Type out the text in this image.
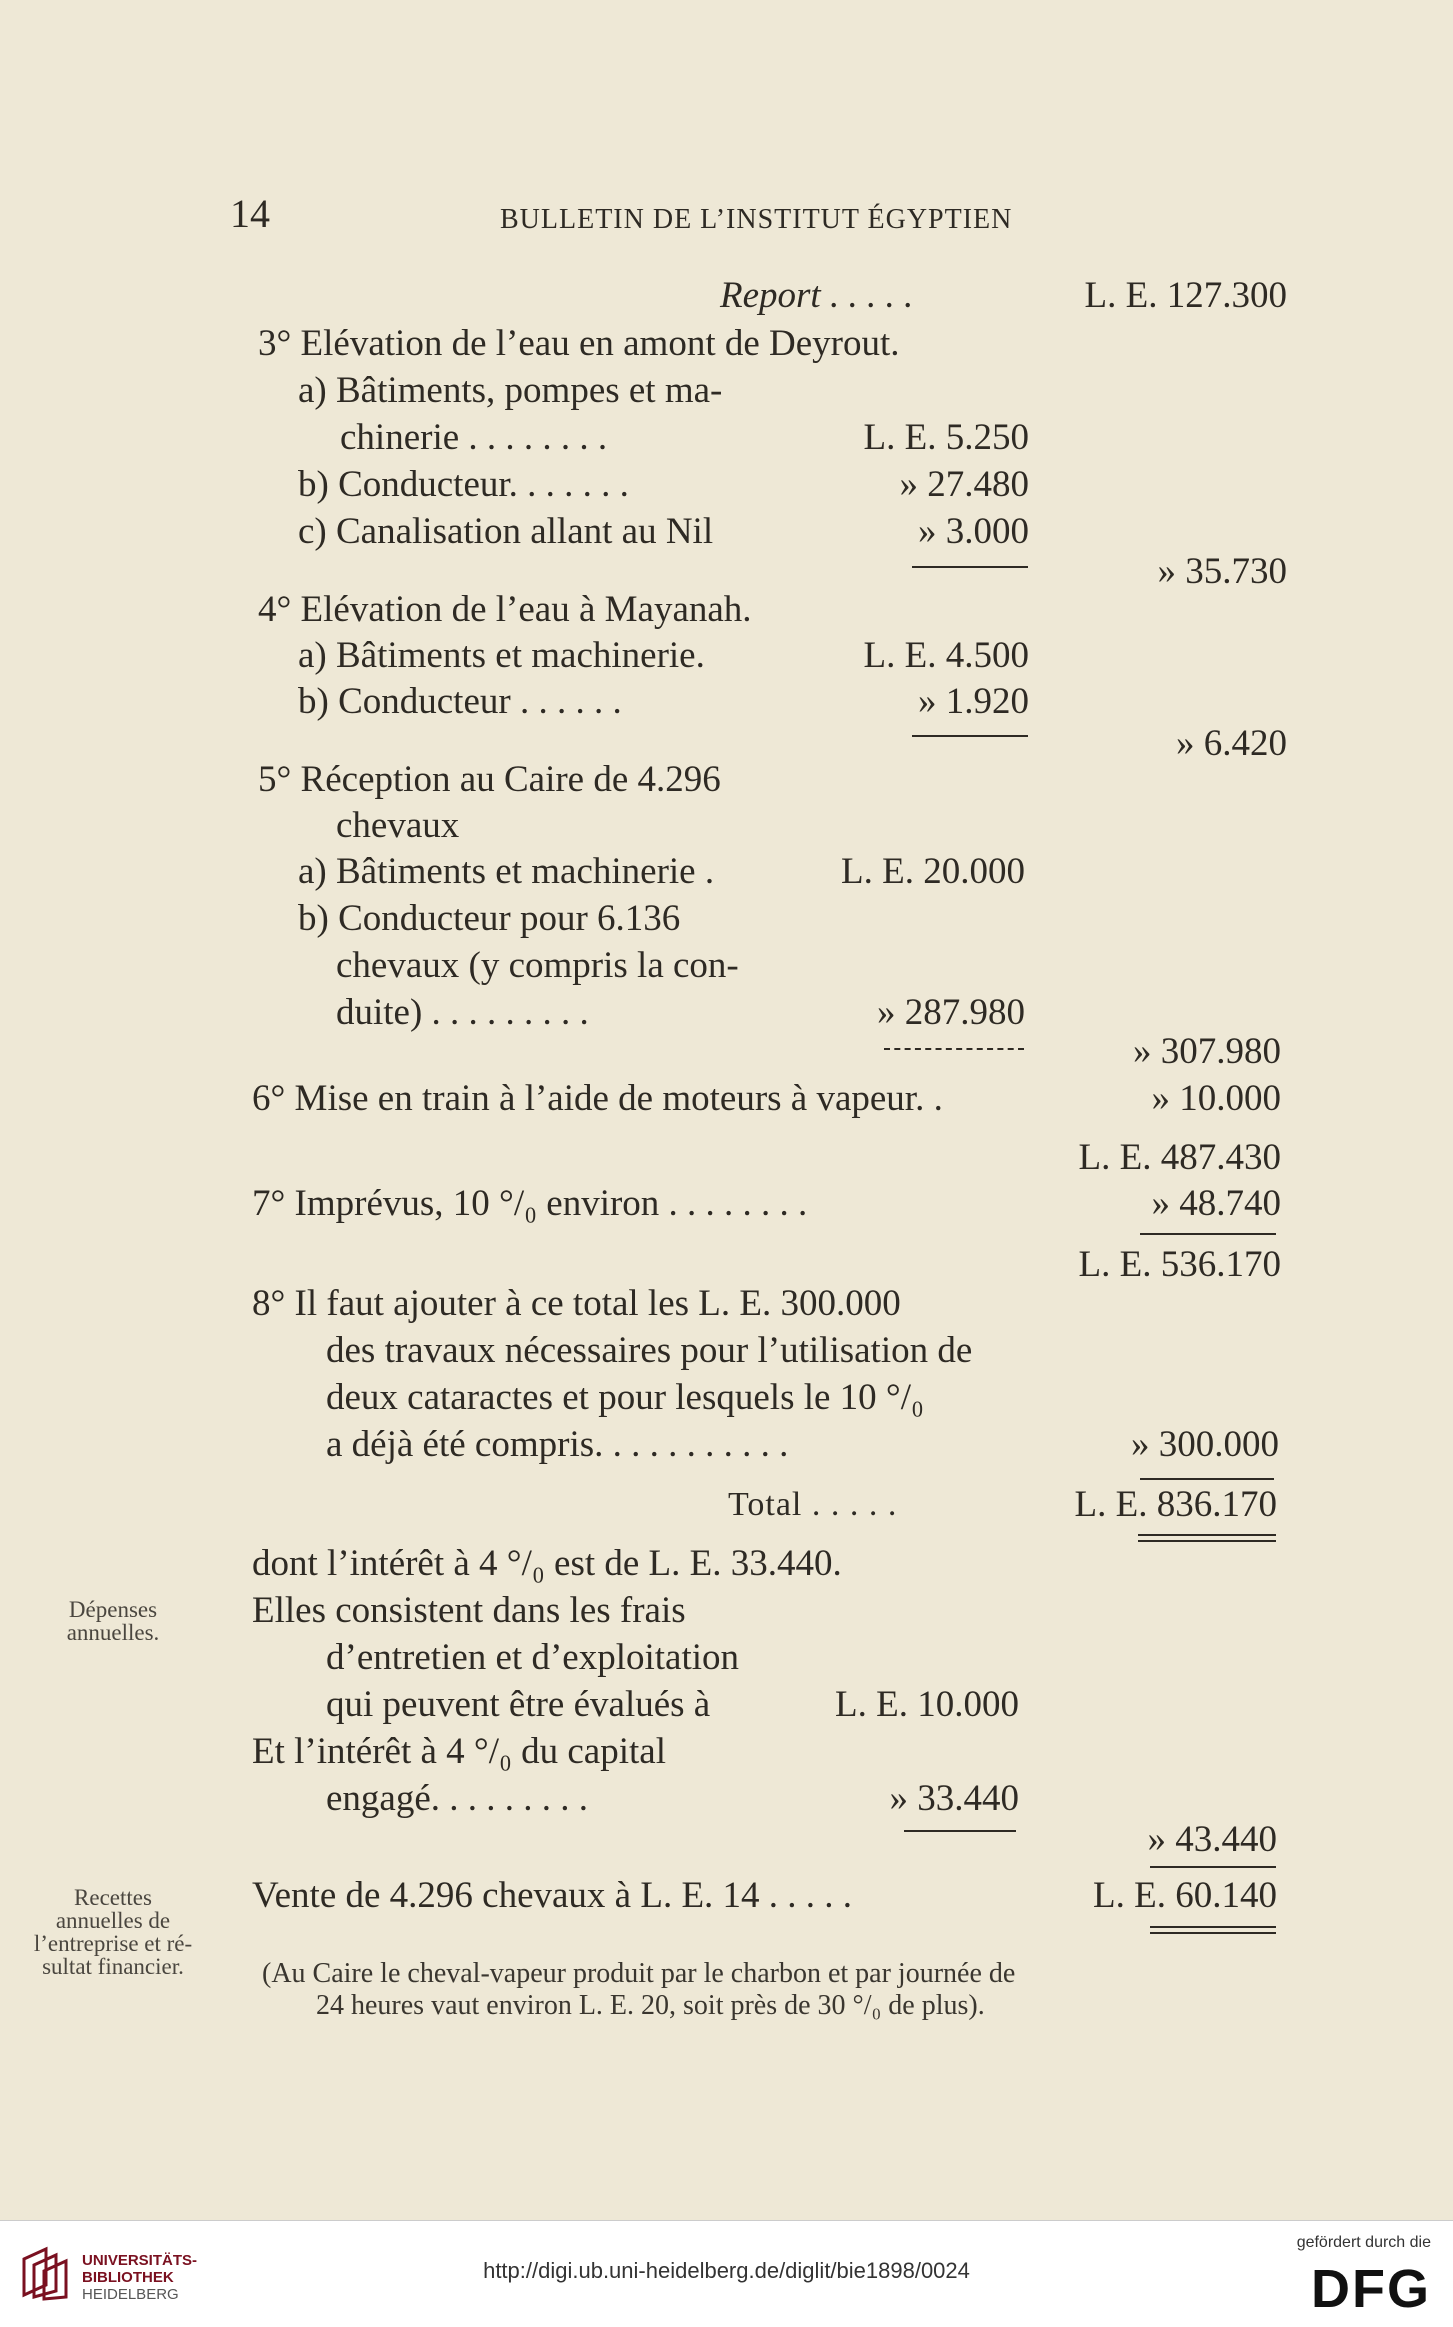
14	BULLETIN DE L’INSTITUT ÉGYPTIEN
Report . . . . .	L. E. 127.300
3° Elévation de l’eau en amont de Deyrout.
a) Bâtiments, pompes et ma-
chinerie . . . . . . . .	L. E. 5.250
b) Conducteur. . . . . . .	» 27.480
c) Canalisation allant au Nil	» 3.000
» 35.730
4° Elévation de l’eau à Mayanah.
a) Bâtiments et machinerie.	L. E. 4.500
b) Conducteur . . . . . .	» 1.920
» 6.420
5° Réception au Caire de 4.296
chevaux
a) Bâtiments et machinerie .	L. E. 20.000
b) Conducteur pour 6.136
chevaux (y compris la con-
duite) . . . . . . . . .	» 287.980
» 307.980
6° Mise en train à l’aide de moteurs à vapeur. .	» 10.000
L. E. 487.430
7° Imprévus, 10 °/₀ environ . . . . . . . .	» 48.740
L. E. 536.170
8° Il faut ajouter à ce total les L. E. 300.000
des travaux nécessaires pour l’utilisation de
deux cataractes et pour lesquels le 10 °/₀
a déjà été compris. . . . . . . . . . .	» 300.000
Total . . . . .	L. E. 836.170
dont l’intérêt à 4 °/₀ est de L. E. 33.440.
Elles consistent dans les frais
d’entretien et d’exploitation
qui peuvent être évalués à	L. E. 10.000
Et l’intérêt à 4 °/₀ du capital
engagé. . . . . . . . .	» 33.440
» 43.440
Vente de 4.296 chevaux à L. E. 14 . . . . .	L. E. 60.140
(Au Caire le cheval-vapeur produit par le charbon et par journée de
24 heures vaut environ L. E. 20, soit près de 30 °/₀ de plus).
Dépenses
annuelles.
Recettes
annuelles de
l’entreprise et ré-
sultat financier.
UNIVERSITÄTS-
BIBLIOTHEK
HEIDELBERG
http://digi.ub.uni-heidelberg.de/diglit/bie1898/0024
gefördert durch die
DFG
